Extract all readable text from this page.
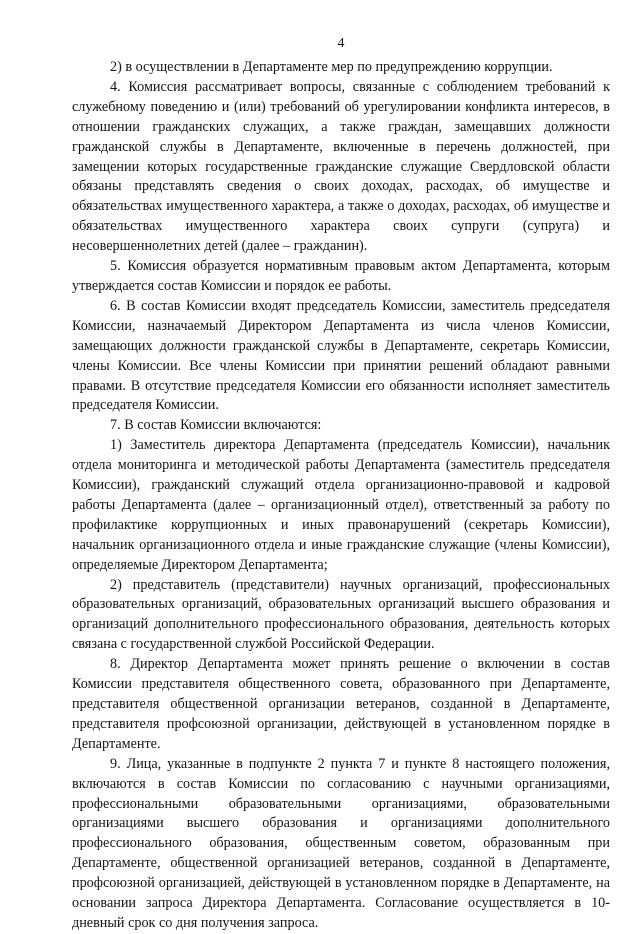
4

2) в осуществлении в Департаменте мер по предупреждению коррупции.

4. Комиссия рассматривает вопросы, связанные с соблюдением требований к служебному поведению и (или) требований об урегулировании конфликта интересов, в отношении гражданских служащих, а также граждан, замещавших должности гражданской службы в Департаменте, включенные в перечень должностей, при замещении которых государственные гражданские служащие Свердловской области обязаны представлять сведения о своих доходах, расходах, об имуществе и обязательствах имущественного характера, а также о доходах, расходах, об имуществе и обязательствах имущественного характера своих супруги (супруга) и несовершеннолетних детей (далее – гражданин).

5. Комиссия образуется нормативным правовым актом Департамента, которым утверждается состав Комиссии и порядок ее работы.

6. В состав Комиссии входят председатель Комиссии, заместитель председателя Комиссии, назначаемый Директором Департамента из числа членов Комиссии, замещающих должности гражданской службы в Департаменте, секретарь Комиссии, члены Комиссии. Все члены Комиссии при принятии решений обладают равными правами. В отсутствие председателя Комиссии его обязанности исполняет заместитель председателя Комиссии.

7. В состав Комиссии включаются:

1) Заместитель директора Департамента (председатель Комиссии), начальник отдела мониторинга и методической работы Департамента (заместитель председателя Комиссии), гражданский служащий отдела организационно-правовой и кадровой работы Департамента (далее – организационный отдел), ответственный за работу по профилактике коррупционных и иных правонарушений (секретарь Комиссии), начальник организационного отдела и иные гражданские служащие (члены Комиссии), определяемые Директором Департамента;

2) представитель (представители) научных организаций, профессиональных образовательных организаций, образовательных организаций высшего образования и организаций дополнительного профессионального образования, деятельность которых связана с государственной службой Российской Федерации.

8. Директор Департамента может принять решение о включении в состав Комиссии представителя общественного совета, образованного при Департаменте, представителя общественной организации ветеранов, созданной в Департаменте, представителя профсоюзной организации, действующей в установленном порядке в Департаменте.

9. Лица, указанные в подпункте 2 пункта 7 и пункте 8 настоящего положения, включаются в состав Комиссии по согласованию с научными организациями, профессиональными образовательными организациями, образовательными организациями высшего образования и организациями дополнительного профессионального образования, общественным советом, образованным при Департаменте, общественной организацией ветеранов, созданной в Департаменте, профсоюзной организацией, действующей в установленном порядке в Департаменте, на основании запроса Директора Департамента. Согласование осуществляется в 10-дневный срок со дня получения запроса.
